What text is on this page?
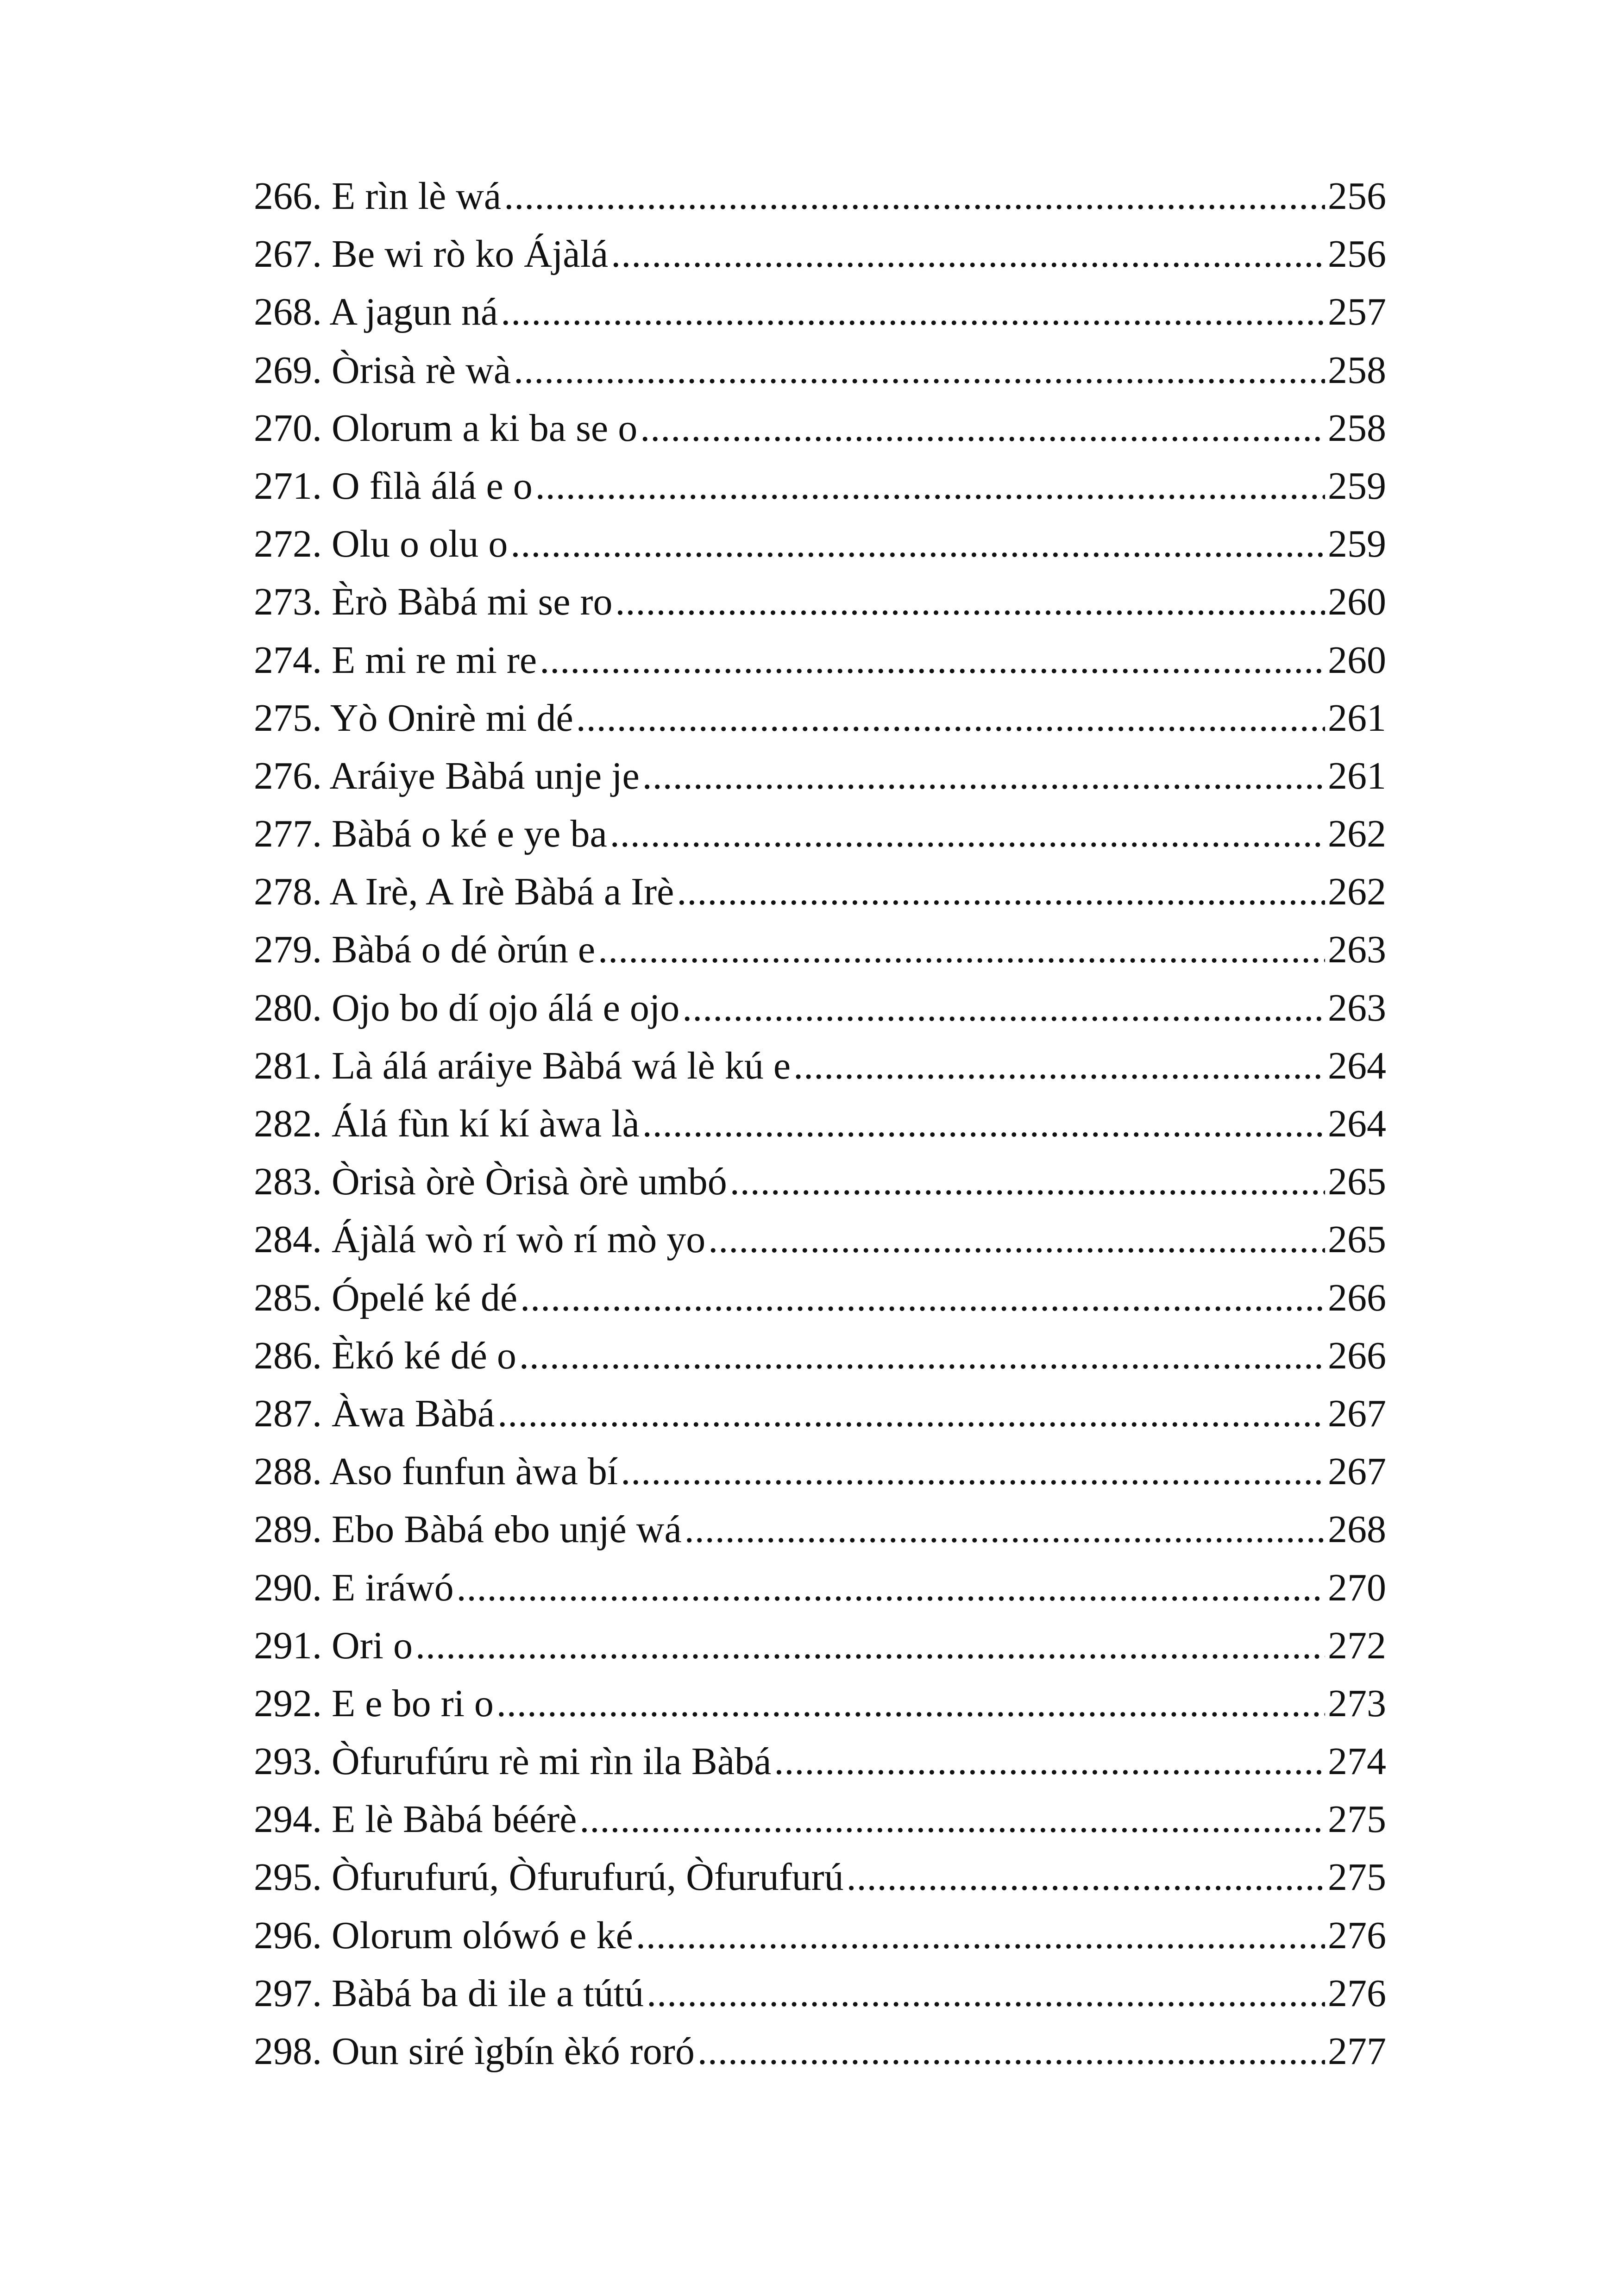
266. E rìn lè wá .....	256
267. Be wi rò ko Ájàlá .....	256
268. A jagun ná .....	257
269. Òrisà rè wà .....	258
270. Olorum a ki ba se o .....	258
271. O fìlà álá e o .....	259
272. Olu o olu o .....	259
273. Èrò Bàbá mi se ro .....	260
274. E mi re mi re .....	260
275. Yò Onirè mi dé .....	261
276. Aráiye Bàbá unje je .....	261
277. Bàbá o ké e ye ba .....	262
278. A Irè, A Irè Bàbá a Irè .....	262
279. Bàbá o dé òrún e .....	263
280. Ojo bo dí ojo álá e ojo .....	263
281. Là álá aráiye Bàbá wá lè kú e .....	264
282. Álá fùn kí kí àwa là .....	264
283. Òrisà òrè Òrisà òrè umbó .....	265
284. Ájàlá wò rí wò rí mò yo .....	265
285. Ópelé ké dé .....	266
286. Èkó ké dé o .....	266
287. Àwa Bàbá .....	267
288. Aso funfun àwa bí .....	267
289. Ebo Bàbá ebo unjé wá .....	268
290. E iráwó .....	270
291. Ori o .....	272
292. E e bo ri o .....	273
293. Òfurufúru rè mi rìn ila Bàbá .....	274
294. E lè Bàbá béérè .....	275
295. Òfurufurú, Òfurufurú, Òfurufurú .....	275
296. Olorum olówó e ké .....	276
297. Bàbá ba di ile a tútú .....	276
298. Oun siré ìgbín èkó roró .....	277
